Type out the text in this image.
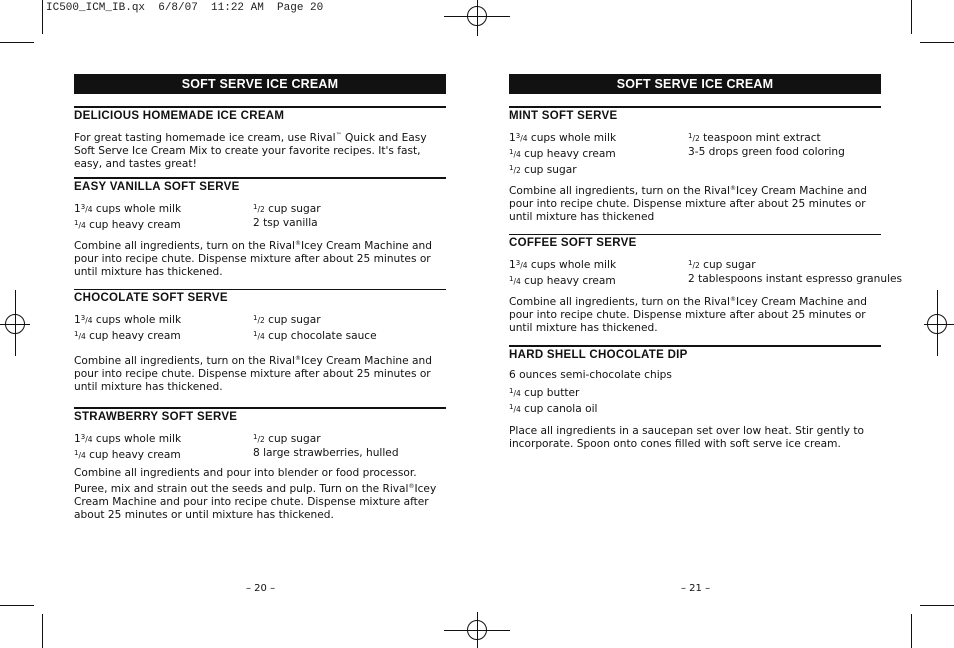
IC500_ICM_IB.qx  6/8/07  11:22 AM  Page 20
SOFT SERVE ICE CREAM
DELICIOUS HOMEMADE ICE CREAM

For great tasting homemade ice cream, use Rival™ Quick and Easy Soft Serve Ice Cream Mix to create your favorite recipes. It's fast, easy, and tastes great!

EASY VANILLA SOFT SERVE
$1^3/4$ cups whole milk	$^1$/2 cup sugar
$^1$/4 cup heavy cream	2 tsp vanilla

Combine all ingredients, turn on the Rival®Icey Cream Machine and pour into recipe chute. Dispense mixture after about 25 minutes or until mixture has thickened.

CHOCOLATE SOFT SERVE
$1^3/4$ cups whole milk	$^1$/2 cup sugar
$^1$/4 cup heavy cream	$^1$/4 cup chocolate sauce

Combine all ingredients, turn on the Rival®Icey Cream Machine and pour into recipe chute. Dispense mixture after about 25 minutes or until mixture has thickened.

STRAWBERRY SOFT SERVE
$1^3/4$ cups whole milk	$^1$/2 cup sugar
$^1$/4 cup heavy cream	8 large strawberries, hulled

Combine all ingredients and pour into blender or food processor. Puree, mix and strain out the seeds and pulp. Turn on the Rival®Icey Cream Machine and pour into recipe chute. Dispense mixture after about 25 minutes or until mixture has thickened.

– 20 –
SOFT SERVE ICE CREAM
MINT SOFT SERVE
$1^3/4$ cups whole milk	$^1$/2 teaspoon mint extract
$^1$/4 cup heavy cream	3-5 drops green food coloring
$^1$/2 cup sugar

Combine all ingredients, turn on the Rival®Icey Cream Machine and pour into recipe chute. Dispense mixture after about 25 minutes or until mixture has thickened

COFFEE SOFT SERVE
$1^3/4$ cups whole milk	$^1$/2 cup sugar
$^1$/4 cup heavy cream	2 tablespoons instant espresso granules

Combine all ingredients, turn on the Rival®Icey Cream Machine and pour into recipe chute. Dispense mixture after about 25 minutes or until mixture has thickened.

HARD SHELL CHOCOLATE DIP
6 ounces semi-chocolate chips
$^1$/4 cup butter
$^1$/4 cup canola oil

Place all ingredients in a saucepan set over low heat. Stir gently to incorporate. Spoon onto cones filled with soft serve ice cream.

– 21 –
